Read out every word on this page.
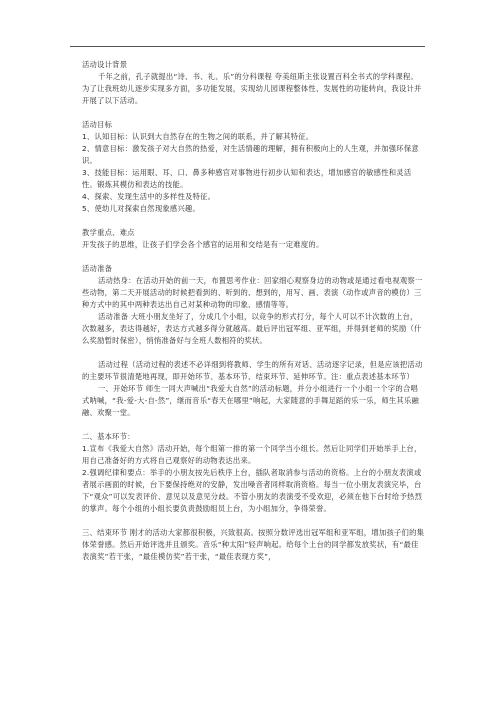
活动设计背景

千年之前，孔子就提出“诗、书、礼、乐”的分科课程 夸美纽斯主张设置百科全书式的学科课程。为了让我班幼儿逐步实现多方面，多功能发展，实现幼儿园课程整体性、发展性的功能转向，我设计并开展了以下活动。

活动目标

1、认知目标：认识到大自然存在的生物之间的联系，并了解其特征。

2、情意目标：激发孩子对大自然的热爱，对生活情趣的理解，拥有积极向上的人生观，并加强环保意识。

3、技能目标：运用眼、耳、口、鼻多种感官对事物进行初步认知和表达，增加感官的敏感性和灵活性。锻炼其模仿和表达的技能。

4、探索、发现生活中的多样性及特征。

5、使幼儿对探索自然现象感兴趣。

教学重点、难点

开发孩子的思维，让孩子们学会各个感官的运用和交结是有一定难度的。

活动准备

活动热身：在活动开始的前一天，布置思考作业：回家细心观察身边的动物或是通过看电视观察一些动物，第二天开展活动的时候把看到的、听到的、想到的，用写、画、表演（动作或声音的模仿）三种方式中的其中两种表达出自己对某种动物的印象、感情等等。

活动准备 大班小朋友坐好了，分成几个小组，以竞争的形式打分，每个人可以不计次数的上台，次数越多，表达得越好，表达方式越多得分就越高。最后评出冠军组、亚军组，并得到老师的奖励（什么奖励暂时保密），悄悄准备好与全班人数相符的奖状。

活动过程（活动过程的表述不必详细到将教师、学生的所有对话、活动逐字记录，但是应该把活动的主要环节很清楚地再现，即开始环节、基本环节、结束环节、延伸环节。注：重点表述基本环节）

一、开始环节 师生一同大声喊出“我爱大自然”的活动标题，并分小组进行一个小组一个字的合唱式呐喊，“我-爱-大-自-然”，继而音乐“春天在哪里”响起，大家随意的手舞足蹈的乐一乐，师生其乐融融、欢聚一堂。

二、基本环节：

1.宣布《我爱大自然》活动开始，每个组第一排的第一个同学当小组长。然后让同学们开始举手上台，用自己准备好的方式将自己观察好的动物表达出来。

2.强调纪律和要点：举手的小朋友按先后秩序上台，插队者取消参与活动的资格。上台的小朋友表演或者展示画面的时候，台下要保持绝对的安静，发出噪音者同样取消资格。每当一位小朋友表演完毕，台下“观众”可以发表评价、意见以及意见分歧。不管小朋友的表演受不受欢迎，必须在他下台时给予热烈的掌声。每个小组的小组长要负责鼓励组员上台，为小组加分，争得荣誉。

三、结束环节 刚才的活动大家都很积极，兴致很高。按照分数评选出冠军组和亚军组，增加孩子们的集体荣誉感。然后开始评选并且颁奖。音乐“种太阳”轻声响起。给每个上台的同学都发放奖状，有“最佳表演奖”若干张，“最佳模仿奖”若干张，“最佳表现方奖”，
